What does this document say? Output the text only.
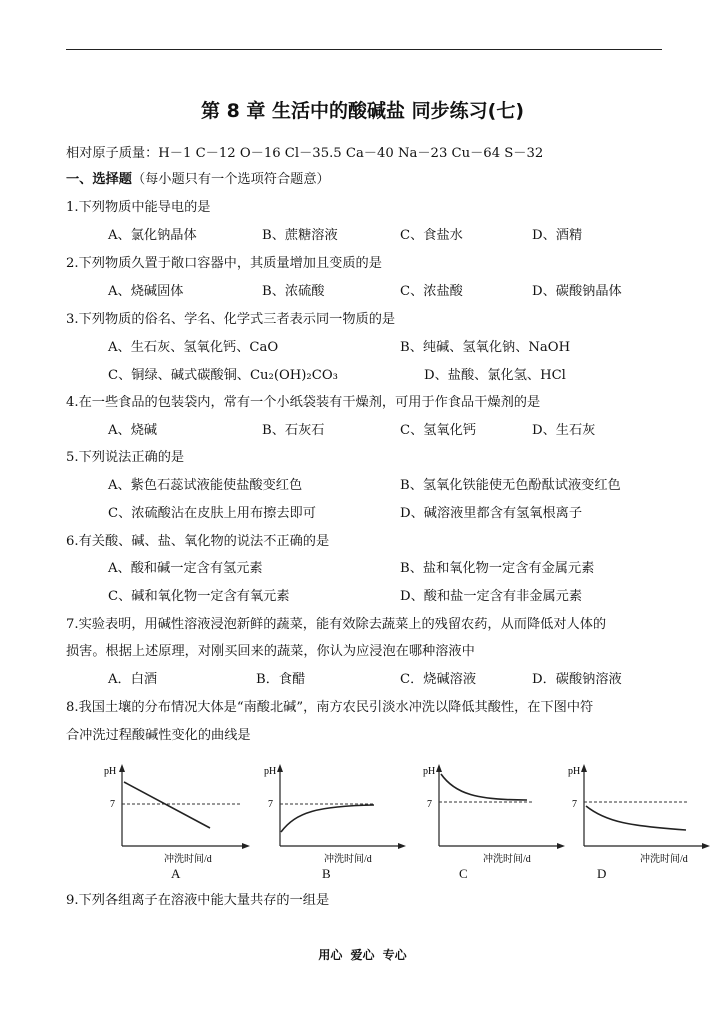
第 8 章 生活中的酸碱盐 同步练习(七)
相对原子质量：H－1 C－12 O－16 Cl－35.5 Ca－40 Na－23 Cu－64 S－32
一、选择题（每小题只有一个选项符合题意）
1.下列物质中能导电的是
A、氯化钠晶体	B、蔗糖溶液	C、食盐水	D、酒精
2.下列物质久置于敞口容器中，其质量增加且变质的是
A、烧碱固体	B、浓硫酸	C、浓盐酸	D、碳酸钠晶体
3.下列物质的俗名、学名、化学式三者表示同一物质的是
A、生石灰、氢氧化钙、CaO	B、纯碱、氢氧化钠、NaOH
C、铜绿、碱式碳酸铜、Cu₂(OH)₂CO₃	D、盐酸、氯化氢、HCl
4.在一些食品的包装袋内，常有一个小纸袋装有干燥剂，可用于作食品干燥剂的是
A、烧碱	B、石灰石	C、氢氧化钙	D、生石灰
5.下列说法正确的是
A、紫色石蕊试液能使盐酸变红色	B、氢氧化铁能使无色酚酞试液变红色
C、浓硫酸沾在皮肤上用布擦去即可	D、碱溶液里都含有氢氧根离子
6.有关酸、碱、盐、氧化物的说法不正确的是
A、酸和碱一定含有氢元素	B、盐和氧化物一定含有金属元素
C、碱和氧化物一定含有氧元素	D、酸和盐一定含有非金属元素
7.实验表明，用碱性溶液浸泡新鲜的蔬菜，能有效除去蔬菜上的残留农药，从而降低对人体的
损害。根据上述原理，对刚买回来的蔬菜，你认为应浸泡在哪种溶液中
A．白酒	B．食醋	C．烧碱溶液	D．碳酸钠溶液
8.我国土壤的分布情况大体是“南酸北碱”，南方农民引淡水冲洗以降低其酸性，在下图中符
合冲洗过程酸碱性变化的曲线是
pH
7
冲洗时间/d
pH
7
冲洗时间/d
pH
7
冲洗时间/d
pH
7
冲洗时间/d
A	B	C	D
9.下列各组离子在溶液中能大量共存的一组是
用心 爱心 专心
